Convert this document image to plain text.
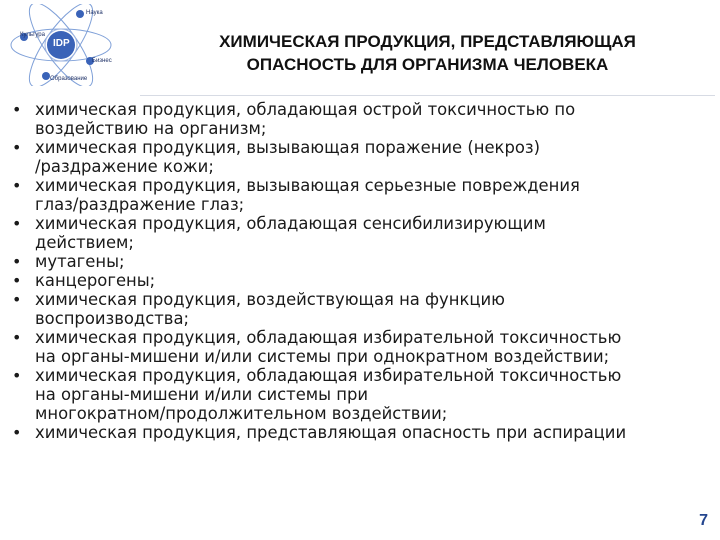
IDP
Наука
Бизнес
Образование
Культура	ХИМИЧЕСКАЯ ПРОДУКЦИЯ, ПРЕДСТАВЛЯЮЩАЯ
ОПАСНОСТЬ ДЛЯ ОРГАНИЗМА ЧЕЛОВЕКА
• химическая продукция, обладающая острой токсичностью по
воздействию на организм;
• химическая продукция, вызывающая поражение (некроз)
/раздражение кожи;
• химическая продукция, вызывающая серьезные повреждения
глаз/раздражение глаз;
• химическая продукция, обладающая сенсибилизирующим
действием;
• мутагены;
• канцерогены;
• химическая продукция, воздействующая на функцию
воспроизводства;
• химическая продукция, обладающая избирательной токсичностью
на органы-мишени и/или системы при однократном воздействии;
• химическая продукция, обладающая избирательной токсичностью
на органы-мишени и/или системы при
многократном/продолжительном воздействии;
• химическая продукция, представляющая опасность при аспирации
7
